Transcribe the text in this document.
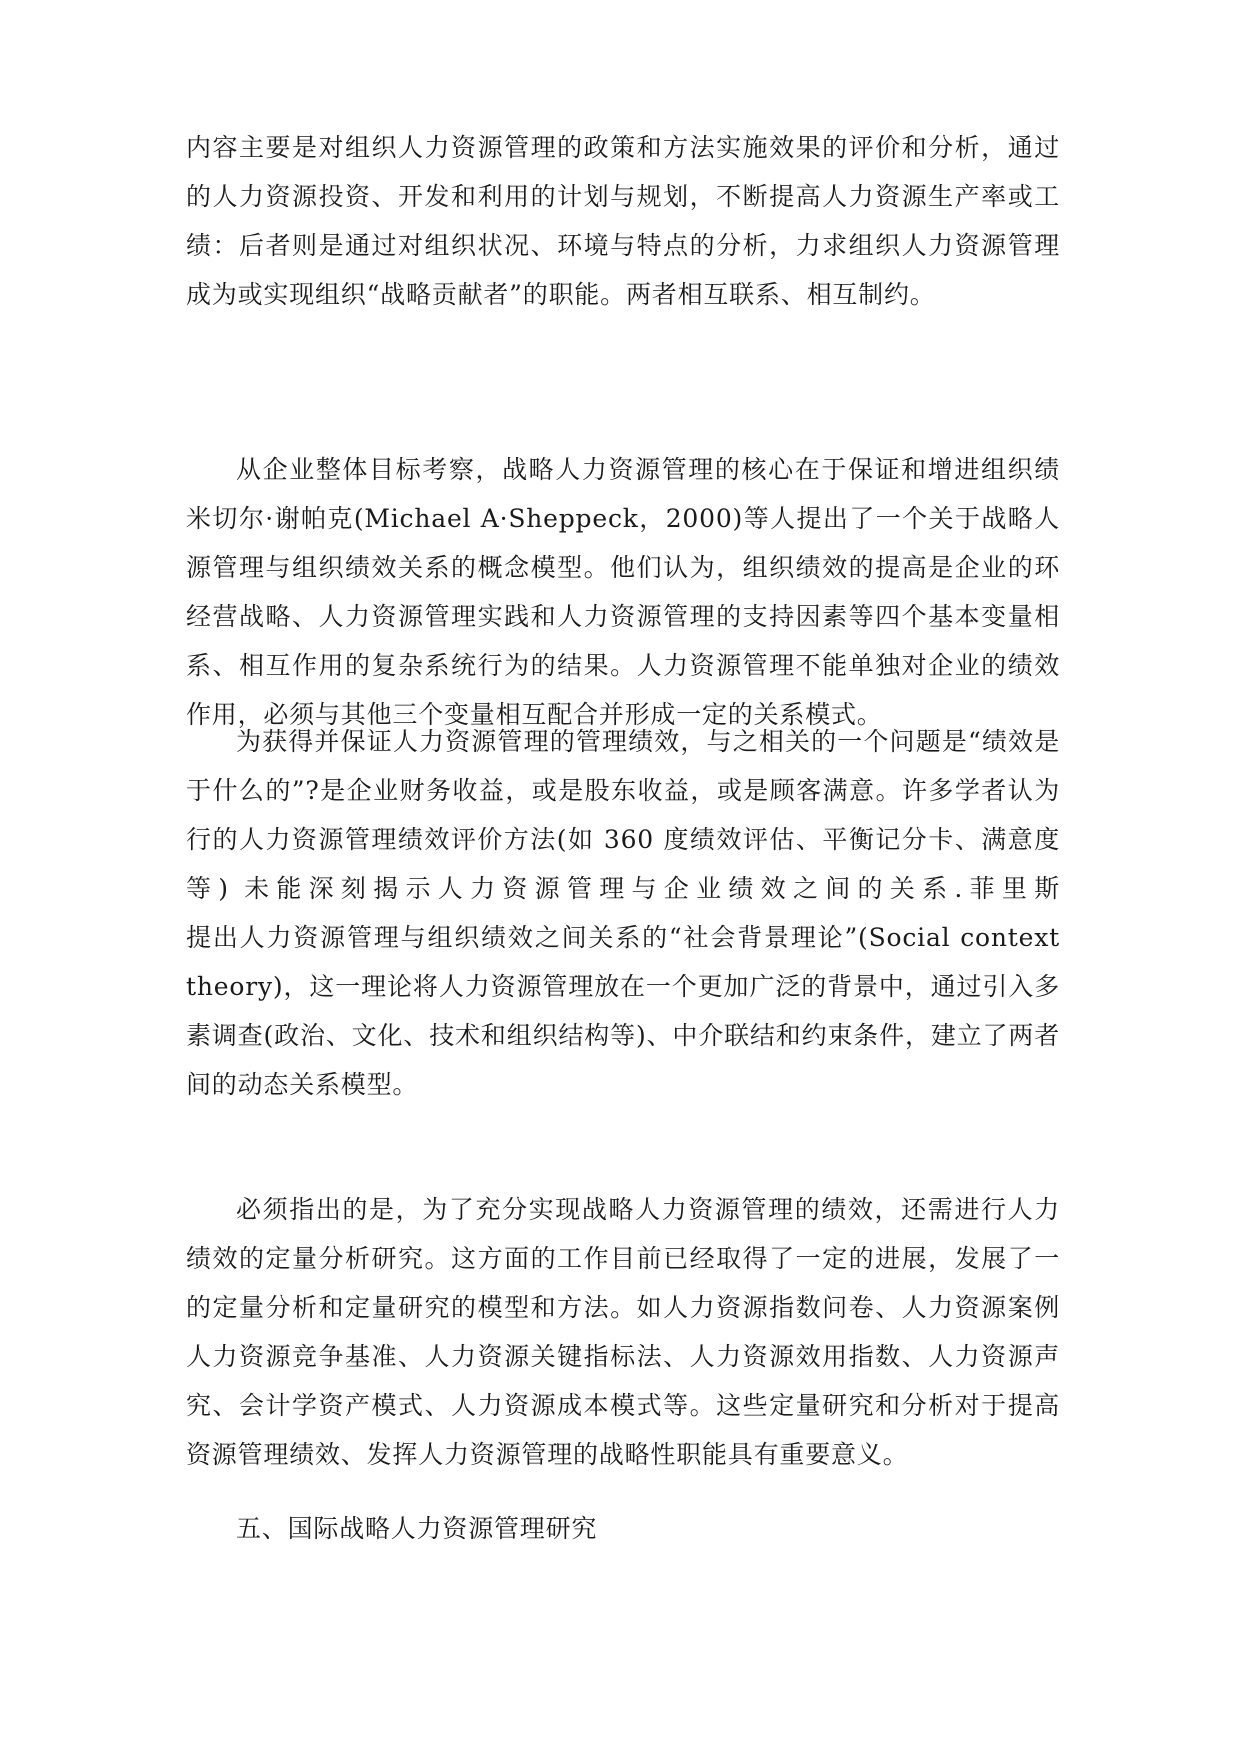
内容主要是对组织人力资源管理的政策和方法实施效果的评价和分析，通过
的人力资源投资、开发和利用的计划与规划，不断提高人力资源生产率或工
绩：后者则是通过对组织状况、环境与特点的分析，力求组织人力资源管理
成为或实现组织“战略贡献者”的职能。两者相互联系、相互制约。
从企业整体目标考察，战略人力资源管理的核心在于保证和增进组织绩
米切尔·谢帕克(Michael A·Sheppeck，2000)等人提出了一个关于战略人
源管理与组织绩效关系的概念模型。他们认为，组织绩效的提高是企业的环
经营战略、人力资源管理实践和人力资源管理的支持因素等四个基本变量相
系、相互作用的复杂系统行为的结果。人力资源管理不能单独对企业的绩效
作用，必须与其他三个变量相互配合并形成一定的关系模式。
为获得并保证人力资源管理的管理绩效，与之相关的一个问题是“绩效是
于什么的”?是企业财务收益，或是股东收益，或是顾客满意。许多学者认为
行的人力资源管理绩效评价方法(如 360 度绩效评估、平衡记分卡、满意度
等) 未能深刻揭示人力资源管理与企业绩效之间的关系.菲里斯
提出人力资源管理与组织绩效之间关系的“社会背景理论”(Social context
theory)，这一理论将人力资源管理放在一个更加广泛的背景中，通过引入多
素调查(政治、文化、技术和组织结构等)、中介联结和约束条件，建立了两者
间的动态关系模型。
必须指出的是，为了充分实现战略人力资源管理的绩效，还需进行人力
绩效的定量分析研究。这方面的工作目前已经取得了一定的进展，发展了一
的定量分析和定量研究的模型和方法。如人力资源指数问卷、人力资源案例
人力资源竞争基准、人力资源关键指标法、人力资源效用指数、人力资源声
究、会计学资产模式、人力资源成本模式等。这些定量研究和分析对于提高
资源管理绩效、发挥人力资源管理的战略性职能具有重要意义。
五、国际战略人力资源管理研究
